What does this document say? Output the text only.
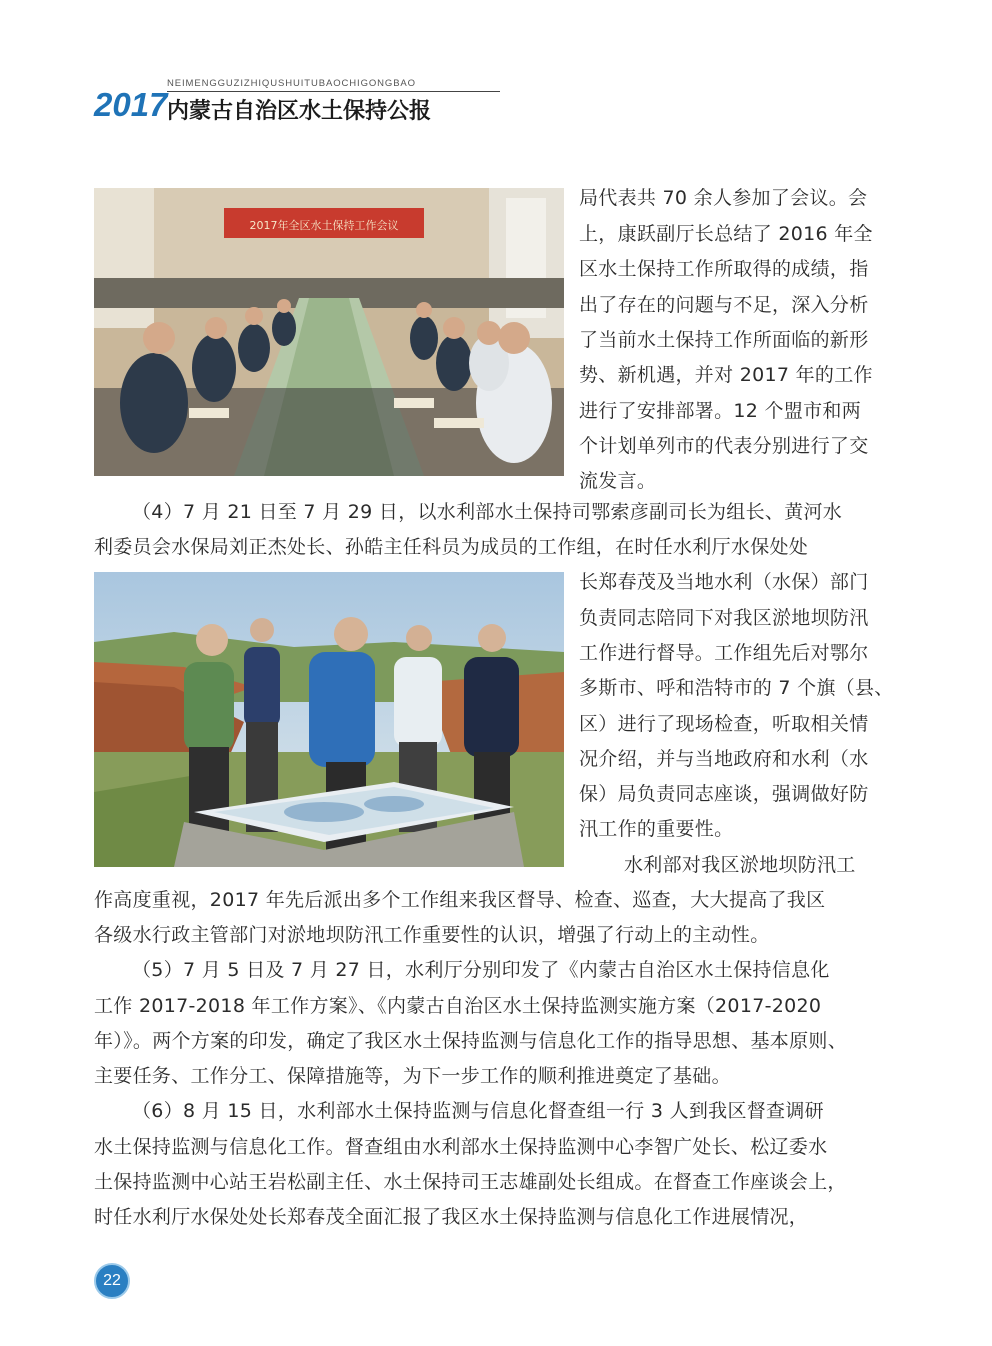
NEIMENGGUZIZHIQUSHUITUBAOCHIGONGBAO
2017 内蒙古自治区水土保持公报
2017年全区水土保持工作会议
局代表共 70 余人参加了会议。会
上，康跃副厅长总结了 2016 年全
区水土保持工作所取得的成绩，指
出了存在的问题与不足，深入分析
了当前水土保持工作所面临的新形
势、新机遇，并对 2017 年的工作
进行了安排部署。12 个盟市和两
个计划单列市的代表分别进行了交
流发言。
（4）7 月 21 日至 7 月 29 日，以水利部水土保持司鄂索彦副司长为组长、黄河水
利委员会水保局刘正杰处长、孙皓主任科员为成员的工作组，在时任水利厅水保处处
长郑春茂及当地水利（水保）部门
负责同志陪同下对我区淤地坝防汛
工作进行督导。工作组先后对鄂尔
多斯市、呼和浩特市的 7 个旗（县、
区）进行了现场检查，听取相关情
况介绍，并与当地政府和水利（水
保）局负责同志座谈，强调做好防
汛工作的重要性。
水利部对我区淤地坝防汛工
作高度重视，2017 年先后派出多个工作组来我区督导、检查、巡查，大大提高了我区
各级水行政主管部门对淤地坝防汛工作重要性的认识，增强了行动上的主动性。
（5）7 月 5 日及 7 月 27 日，水利厅分别印发了《内蒙古自治区水土保持信息化
工作 2017-2018 年工作方案》、《内蒙古自治区水土保持监测实施方案（2017-2020
年）》。两个方案的印发，确定了我区水土保持监测与信息化工作的指导思想、基本原则、
主要任务、工作分工、保障措施等，为下一步工作的顺利推进奠定了基础。
（6）8 月 15 日，水利部水土保持监测与信息化督查组一行 3 人到我区督查调研
水土保持监测与信息化工作。督查组由水利部水土保持监测中心李智广处长、松辽委水
土保持监测中心站王岩松副主任、水土保持司王志雄副处长组成。在督查工作座谈会上，
时任水利厅水保处处长郑春茂全面汇报了我区水土保持监测与信息化工作进展情况，
22
